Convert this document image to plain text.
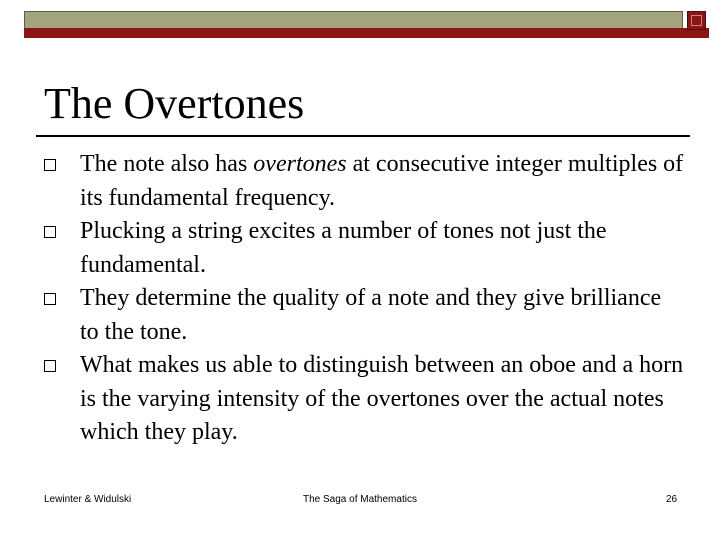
The Overtones
The note also has overtones at consecutive integer multiples of its fundamental frequency.
Plucking a string excites a number of tones not just the fundamental.
They determine the quality of a note and they give brilliance to the tone.
What makes us able to distinguish between an oboe and a horn is the varying intensity of the overtones over the actual notes which they play.
Lewinter & Widulski	The Saga of Mathematics	26
